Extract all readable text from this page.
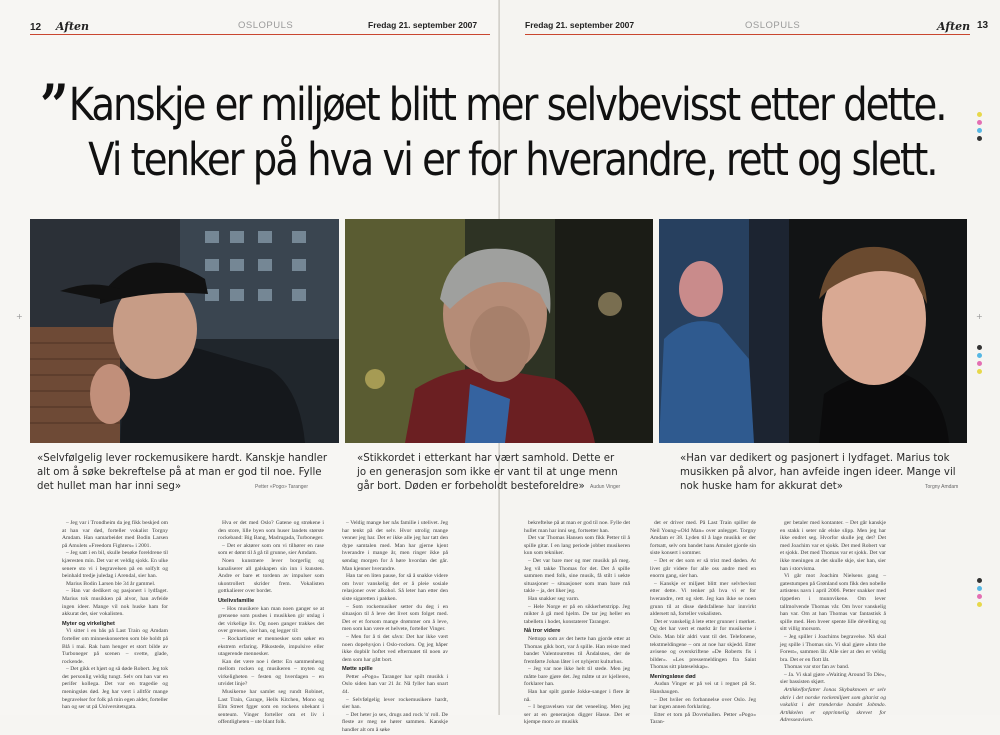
12 Aften	OSLOPULS	Fredag 21. september 2007
+
Fredag 21. september 2007	OSLOPULS	Aften 13
+
” Kanskje er miljøet blitt mer selvbevisst etter dette.
Vi tenker på hva vi er for hverandre, rett og slett.
«Selvfølgelig lever rockemusikere hardt. Kanskje handler alt om å søke bekreftelse på at man er god til noe. Fylle det hullet man har inni seg»	Petter «Pogo» Taranger
«Stikkordet i etterkant har vært samhold. Dette er jo en generasjon som ikke er vant til at unge menn går bort. Døden er forbeholdt besteforeldre»	Audun Vinger
«Han var dedikert og pasjonert i lydfaget. Marius tok musikken på alvor, han avfeide ingen ideer. Mange vil nok huske ham for akkurat det»	Torgny Amdam

– Jeg var i Trondheim da jeg fikk beskjed om at han var død, forteller vokalist Torgny Amdam. Han samarbeidet med Bodin Larsen på Amulets «Freedom Fighters» i 2001.

– Jeg satt i en bil, skulle besøke foreldrene til kjæresten min. Det var et veldig sjokk. En ulke senere sto vi i begravelsen på en solfylt og beinhald tredje juledag i Arendal, sier han.

Marius Bodin Larsen ble 34 år gammel.

– Han var dedikert og pasjonert i lydfaget. Marius tok musikken på alvor, han avfeide ingen ideer. Mange vil nok huske ham for akkurat det, sier vokalisten.

Myter og virkelighet

Vi sitter i en bås på Last Train og Amdam forteller om minneskonserten som ble holdt på Blå i mai. Rak ham henger et stort bilde av Turboneger på scenen – svette, glade, rockende.

– Det gikk et hjørt og så døde Robert. Jeg tok det personlig veldig tungt. Selv om han var en perifer kollega. Det var en tragedie og meningsløs død. Jeg har vært i alltför mange begravelser for folk på min egen alder, forteller han og ser ut på Universitetsgata.

Hva er det med Oslo? Gatene og strøkene i den store, lille byen som huser landets største rockeband: Big Bang, Madrugada, Turboneger.

– Det er aktører som om vi tilhører en rase som er dømt til å gå til grunne, sier Amdam.

Noen kunstnere lever borgerlig og kanaliserer all galskapen sin inn i kunsten. Andre er bare et tordenn av impulser som ukontrollert skrider frem. Vokalisten gottkalierer over bordet.

Utelivsfamilie

– Hos musikere kan man noen ganger se at grensene som pushes i musikken gir utslag i det virkelige liv. Og noen ganger trakkes det over grensen, sier han, og legger til:

– Rockartister er mennesker som søker en ekstrem erfaring. Påkostede, impulsive eller utagerende mennesker.

Kan det være noe i dette: En sammenheng mellom rocken og musikeren – myten og virkeligheten – festen og hverdagen – en utvidet linje?

Musikerne har samlet seg rundt Robinet, Last Train, Garage, Hells Kitchen, Mono og Elm Street fgger som en rockens ubekant i senteum. Vinger forteller om et liv i offentligheten – ute blant folk.

– Veldig mange her nås familie i utelivet. Jeg har tenkt på det selv. Hvor utrolig mange venner jeg har. Det er ikke alle jeg har tatt den dype samtalen med. Man har gjerne kjent hverandre i mange år, men ringer ikke på søndag morgen for å høre hvordan det går. Man kjenner hverandre.

Han tar en liten pause, for så å snakke videre om hvor vanskelig det er å pleie sosiale relasjoner over alkohol. Så leter han etter den siste sigaretten i pakken.

– Som rockemusiker setter du deg i en situasjon til å leve det livet som folget med. Det er et forsom mange drømmer om å leve, men som kan være et helvete, forteller Vinger.

– Men for å ti det såvn: Det har ikke vært noen dopehysjon i Oslo-rocken. Og jeg håper ikke dopbilr hoftet ved eftermatet til noen av dem som har gått bort.

Møtte spille

Petter «Pogo» Taranger har spilt musikk i Oslo siden han var 21 år. Nå fyller han snart 44.

– Selvfølgelig lever rockemusikere hardt, sier han.

– Det heter jo sex, drugs and rock 'n' roll. De fleste av meg ne hører sammen. Kanskje handler alt om å søke

bekreftelse på at man er god til noe. Fylle det hullet man har inni seg, fortsetter han.

Det var Thomas Hansen som fikk Petter til å spille gitar. I en lang periode jobbet musikeren kun som tekniker.

– Det var bare mer og mer musikk på meg. Jeg vil takke Thomas for det. Det å spille sammen med folk, sine musik, få stilt i uekte situasjoner – situasjoner som man bare må takle – ja, det liker jeg.

Han snakker seg varm.

– Hele Norge er på en sikkerhetstripp. Jeg mikter å gå med hjelm. De tar jeg heller en tabelletn i hodet, konstaterer Taranger.

Nå tror videre

Nettopp som av det herte han gjorde etter at Thomas gikk bort, var å spille. Han reiste med bandet Valentourettes til Åndalsnes, der de fremførte Johan låter i et nyhjemt kulturhus.

– Jeg var noe ikke helt til stede. Men jeg måtte bare gjøre det. Jeg måtte ut av kjelleren, forklarer han.

Han har spilt gamle Jokke-sanger i flere år nå.

– I begravelsen var det veneeling. Men jeg ser at en generasjon digger Hasse. Det er kjempe moro av musikk

det er driver med. På Last Train spiller de Neil Young-«Old Man» over anlegget. Torgny Amdam er 38. Lyden til å lage musikk er der fortsatt, selv om bandet hans Amulet gjorde sin siste konsert i sommer.

– Det er det som er så trist med døden. At livet går videre for alle oss andre med en enorm gang, sier han.

– Kanskje er miljøet blitt mer selvbevisst etter dette. Vi tenker på hva vi er for hverandre, rett og slett. Jeg kan ikke se noen grunn til at disse dødsfallene har innvirkt aldersett nå, forteller vokalisten.

Det er vanskelig å lete etter grunner i mørket. Og det har vært et mørkt år for musikerne i Oslo. Man blir aldri vant til det. Telefonene, tekstmeldingene – om at noe har skjedd. Etter avisene og overskriftene «De Roberts fis i bilder». «Les pressemeldingen fra Saint Thomas sitt plateselskap».

Meningsløse død

Audun Vinger er på vei ut i regnet på St. Hanshaugen.

– Det hviler en forbannelse over Oslo. Jeg har ingen annen forklaring.

Etter et torn på Dovrehallen. Petter «Pogo» Taran-

ger betaler med kontanter. – Det går kanskje en stakk i seter når elske slipp. Men jeg har ikke endret seg. Hvorfor skulle jeg det? Det med Joachim var et sjokk. Det med Robert var et sjokk. Det med Thomas var et sjokk. Det var ikke meningen at det skulle skje, sier han, sier han i storvisma.

Vi går mot Joachim Nielsens gang – gatestumpen på Grønland som fikk den nobelle artistens navn i april 2006. Petter snakker med rippetlen i munnvikene. Om lever tallmolvende Thomas vår. Om hvor vanskelig han var. Om at han Thomas var fantastisk å spille med. Hen hveer spente lille dévelling og sitt villig morsom.

– Jeg spiller i Joachims begravelse. Nå skal jeg spille i Thomas sin. Vi skal gjøre «Into the Forest», sammen lår. Alle sier at den er veldig bra. Det er en flott låt.

Thomas var stor fan av band.

– Ja. Vi skal gjøre «Waiting Around To Die», sier bassisten skjørt.

Artikkelforfatter Jonas Skybakmoen er selv aktiv i det norske rockemiljøet som gitarist og vokalist i det trønderske bandet Jobmdo. Artikkelen er opprinnelig skrevet for Adresseavisen.
